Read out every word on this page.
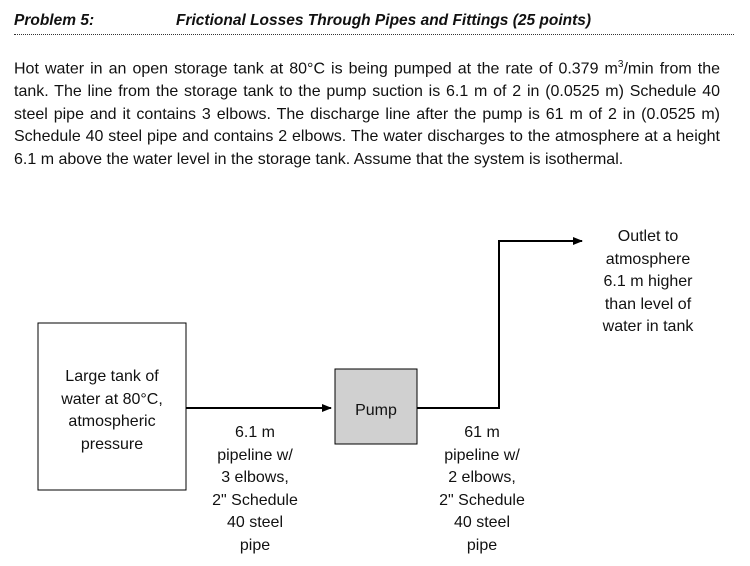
Problem 5:	Frictional Losses Through Pipes and Fittings (25 points)

Hot water in an open storage tank at 80°C is being pumped at the rate of 0.379 $m^3/\min$ from the tank. The line from the storage tank to the pump suction is 6.1 m of 2 in (0.0525 m) Schedule 40 steel pipe and it contains 3 elbows. The discharge line after the pump is 61 m of 2 in (0.0525 m) Schedule 40 steel pipe and contains 2 elbows. The water discharges to the atmosphere at a height 6.1 m above the water level in the storage tank. Assume that the system is isothermal.

Large tank of
water at 80°C,
atmospheric
pressure
Pump
6.1 m
pipeline w/
3 elbows,
2" Schedule
40 steel
pipe
61 m
pipeline w/
2 elbows,
2" Schedule
40 steel
pipe
Outlet to
atmosphere
6.1 m higher
than level of
water in tank
